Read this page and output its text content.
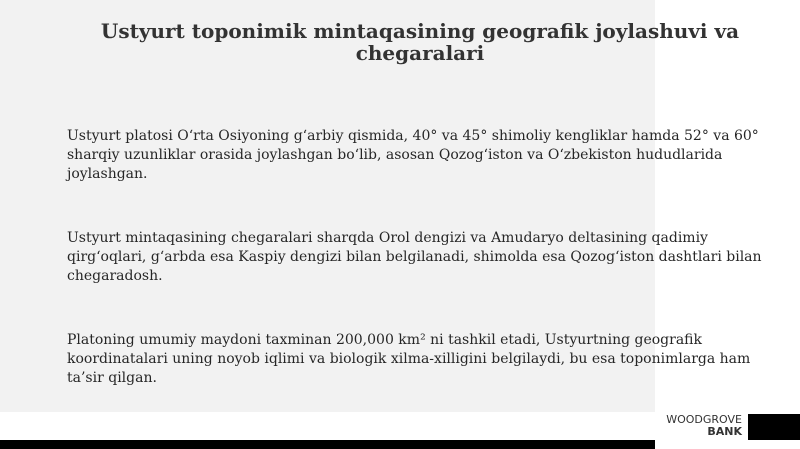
Ustyurt toponimik mintaqasining geografik joylashuvi va chegaralari

Ustyurt platosi O‘rta Osiyoning g‘arbiy qismida, 40° va 45° shimoliy kengliklar hamda 52° va 60° sharqiy uzunliklar orasida joylashgan bo‘lib, asosan Qozog‘iston va O‘zbekiston hududlarida joylashgan.

Ustyurt mintaqasining chegaralari sharqda Orol dengizi va Amudaryo deltasining qadimiy qirg‘oqlari, g‘arbda esa Kaspiy dengizi bilan belgilanadi, shimolda esa Qozog‘iston dashtlari bilan chegaradosh.

Platoning umumiy maydoni taxminan 200,000 km² ni tashkil etadi, Ustyurtning geografik koordinatalari uning noyob iqlimi va biologik xilma-xilligini belgilaydi, bu esa toponimlarga ham ta’sir qilgan.

WOODGROVE
BANK
